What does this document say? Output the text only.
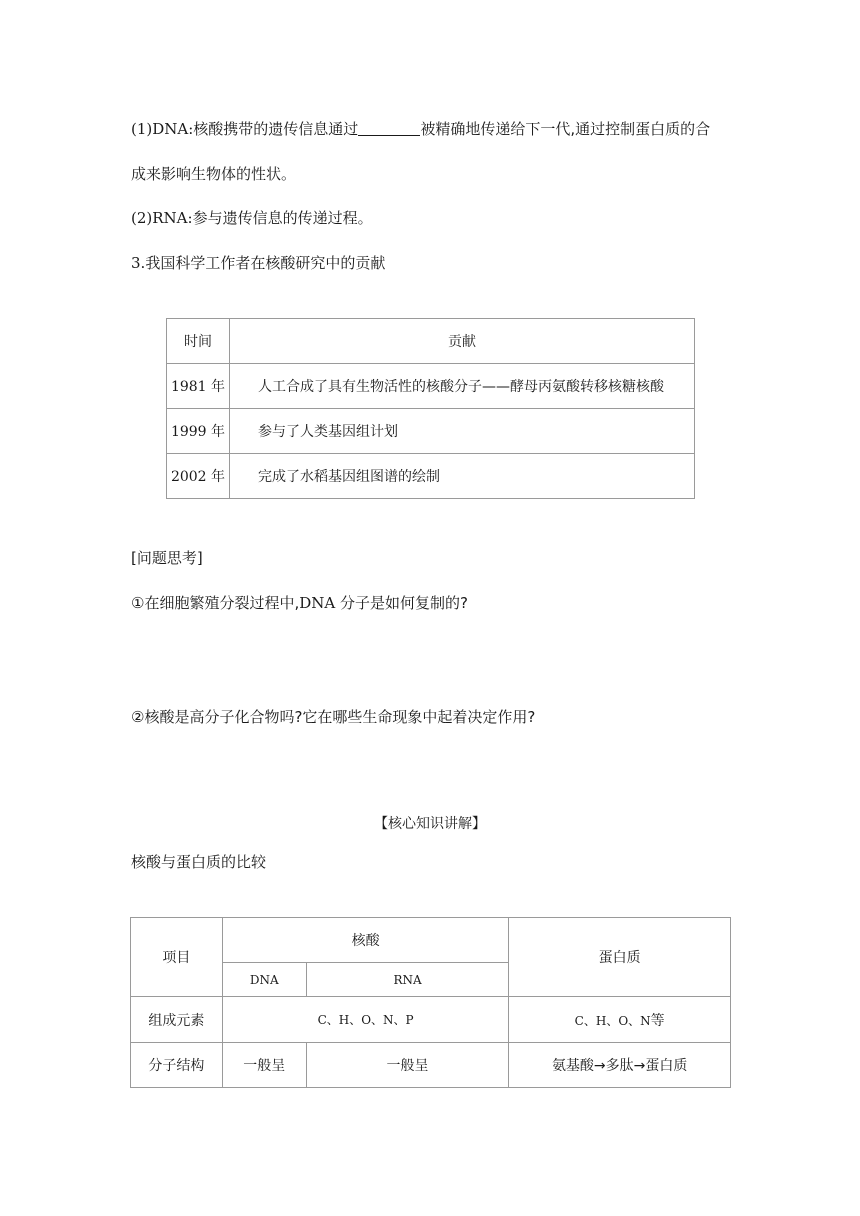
(1)DNA:核酸携带的遗传信息通过	被精确地传递给下一代,通过控制蛋白质的合
成来影响生物体的性状。
(2)RNA:参与遗传信息的传递过程。
3.我国科学工作者在核酸研究中的贡献
时间	贡献
1981 年	人工合成了具有生物活性的核酸分子——酵母丙氨酸转移核糖核酸
1999 年	参与了人类基因组计划
2002 年	完成了水稻基因组图谱的绘制
[问题思考]
①在细胞繁殖分裂过程中,DNA 分子是如何复制的?
②核酸是高分子化合物吗?它在哪些生命现象中起着决定作用?
【核心知识讲解】
核酸与蛋白质的比较
项目	核酸		蛋白质
	DNA	RNA	
组成元素	C、H、O、N、P		C、H、O、N等
分子结构	一般呈	一般呈	氨基酸→多肽→蛋白质
